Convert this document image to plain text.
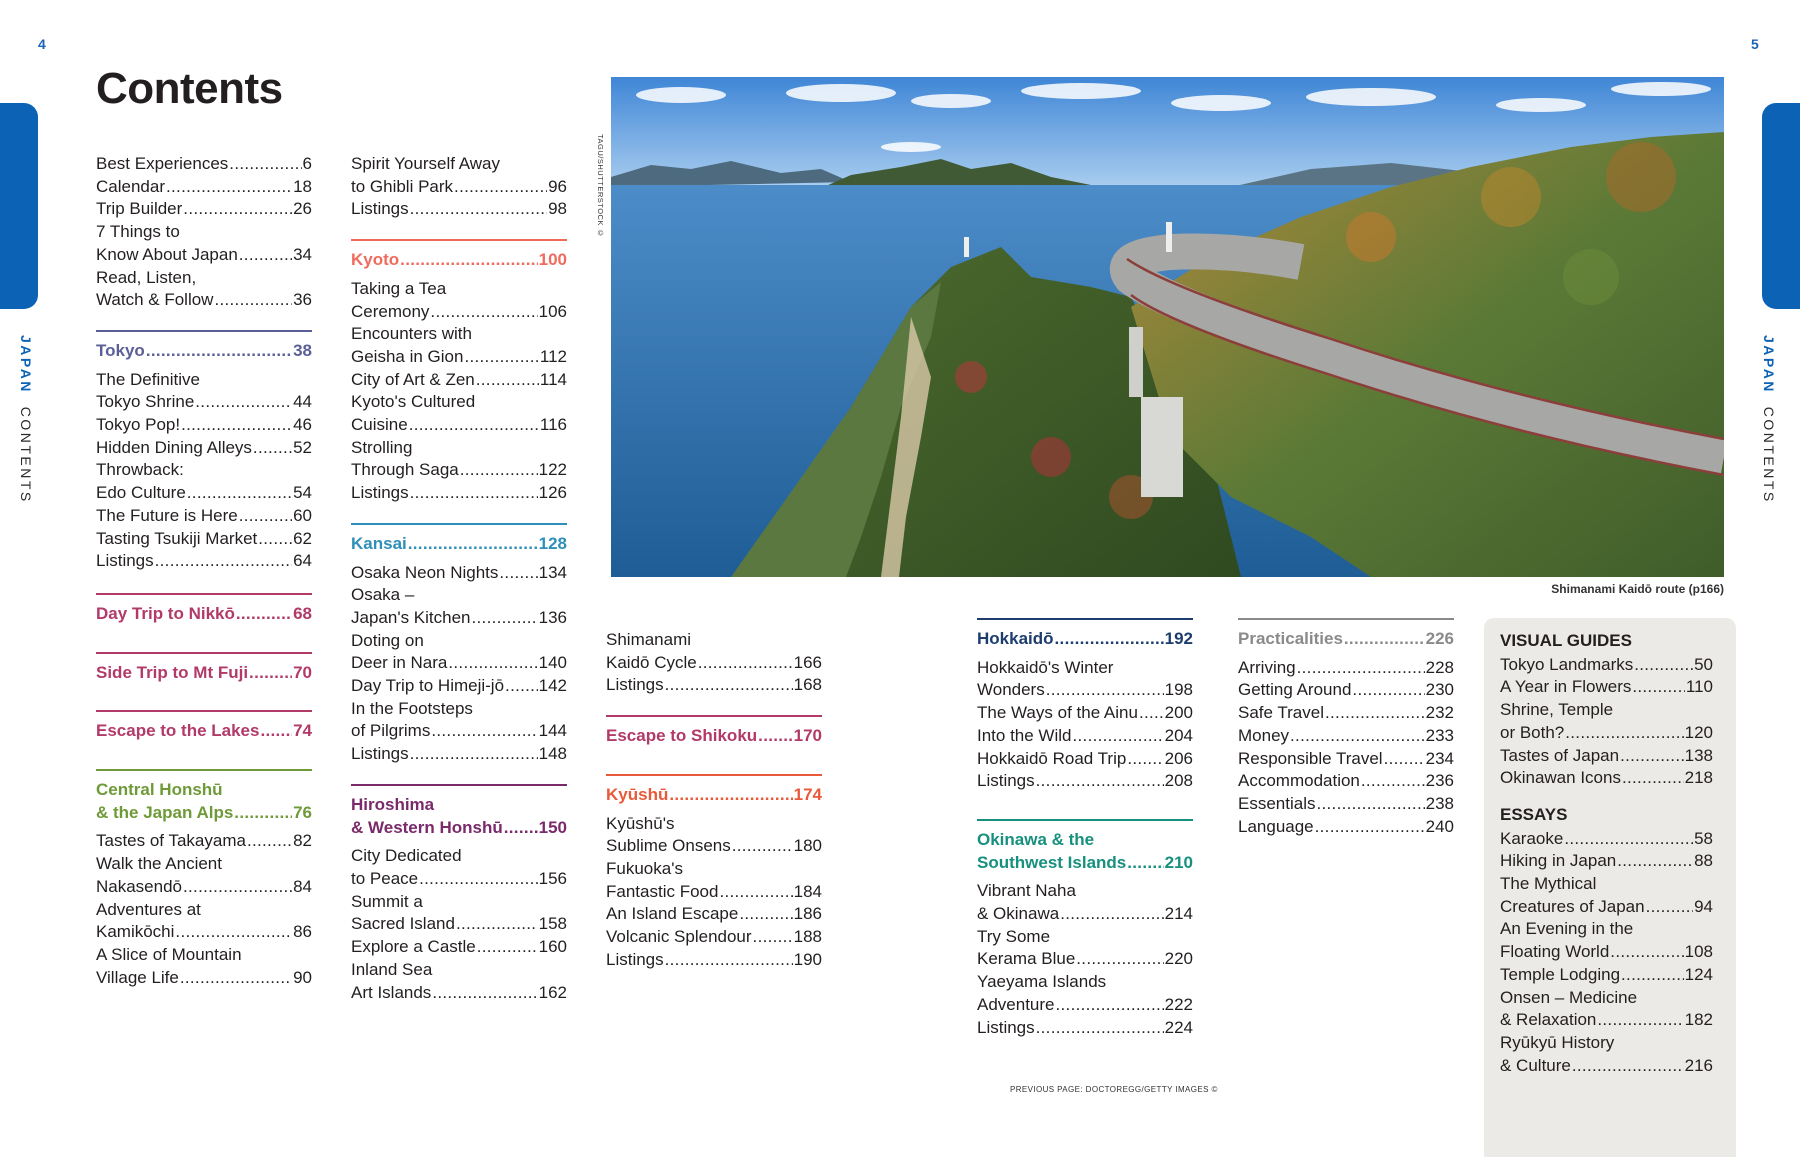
4	5
JAPAN  CONTENTS
JAPAN  CONTENTS
Contents
Best Experiences .....	6
Calendar .....	18
Trip Builder .....	26
7 Things to
Know About Japan .....	34
Read, Listen,
Watch & Follow .....	36
Tokyo .....	38
The Definitive
Tokyo Shrine .....	44
Tokyo Pop! .....	46
Hidden Dining Alleys ..... 52
Throwback:
Edo Culture .....	54
The Future is Here .....	60
Tasting Tsukiji Market ..... 62
Listings .....	64
Day Trip to Nikkō .....	68
Side Trip to Mt Fuji .....	70
Escape to the Lakes ..... 74
Central Honshū
& the Japan Alps .....	76
Tastes of Takayama .....	82
Walk the Ancient
Nakasendō .....	84
Adventures at
Kamikōchi .....	86
A Slice of Mountain
Village Life .....	90
Spirit Yourself Away
to Ghibli Park .....	96
Listings .....	98
Kyoto .....	100
Taking a Tea
Ceremony .....	106
Encounters with
Geisha in Gion .....	112
City of Art & Zen .....	114
Kyoto's Cultured
Cuisine .....	116
Strolling
Through Saga .....	122
Listings .....	126
Kansai .....	128
Osaka Neon Nights ..... 134
Osaka –
Japan's Kitchen .....	136
Doting on
Deer in Nara .....	140
Day Trip to Himeji-jō ..... 142
In the Footsteps
of Pilgrims .....	144
Listings .....	148
Hiroshima
& Western Honshū ..... 150
City Dedicated
to Peace .....	156
Summit a
Sacred Island .....	158
Explore a Castle .....	160
Inland Sea
Art Islands .....	162
Shimanami
Kaidō Cycle .....	166
Listings .....	168
Escape to Shikoku ..... 170
Kyūshū .....	174
Kyūshū's
Sublime Onsens .....	180
Fukuoka's
Fantastic Food .....	184
An Island Escape .....	186
Volcanic Splendour ..... 188
Listings .....	190
Hokkaidō .....	192
Hokkaidō's Winter
Wonders .....	198
The Ways of the Ainu ..... 200
Into the Wild .....	204
Hokkaidō Road Trip ..... 206
Listings .....	208
Okinawa & the
Southwest Islands ..... 210
Vibrant Naha
& Okinawa .....	214
Try Some
Kerama Blue .....	220
Yaeyama Islands
Adventure .....	222
Listings .....	224
Practicalities .....	226
Arriving .....	228
Getting Around .....	230
Safe Travel .....	232
Money .....	233
Responsible Travel .....	234
Accommodation .....	236
Essentials .....	238
Language .....	240
VISUAL GUIDES
Tokyo Landmarks .....	50
A Year in Flowers .....	110
Shrine, Temple
or Both? .....	120
Tastes of Japan .....	138
Okinawan Icons .....	218
ESSAYS
Karaoke .....	58
Hiking in Japan .....	88
The Mythical
Creatures of Japan .....	94
An Evening in the
Floating World .....	108
Temple Lodging .....	124
Onsen – Medicine
& Relaxation .....	182
Ryūkyū History
& Culture .....	216
TAGU/SHUTTERSTOCK ©
Shimanami Kaidō route (p166)
PREVIOUS PAGE: DOCTOREGG/GETTY IMAGES ©
